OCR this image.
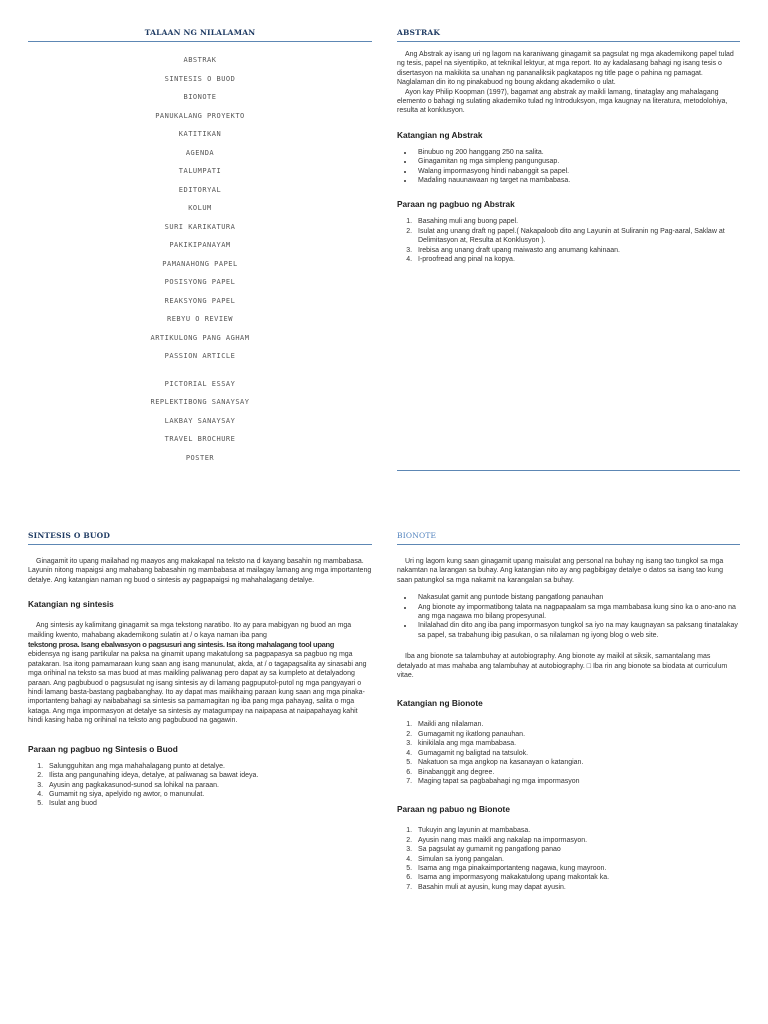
TALAAN NG NILALAMAN
ABSTRAK
SINTESIS O BUOD
BIONOTE
PANUKALANG PROYEKTO
KATITIKAN
AGENDA
TALUMPATI
EDITORYAL
KOLUM
SURI KARIKATURA
PAKIKIPANAYAM
PAMANAHONG PAPEL
POSISYONG PAPEL
REAKSYONG PAPEL
REBYU O REVIEW
ARTIKULONG PANG AGHAM
PASSION ARTICLE
PICTORIAL ESSAY
REPLEKTIBONG SANAYSAY
LAKBAY SANAYSAY
TRAVEL BROCHURE
POSTER
ABSTRAK

Ang Abstrak ay isang uri ng lagom na karaniwang ginagamit sa pagsulat ng mga akademikong papel tulad ng tesis, papel na siyentipiko, at teknikal lektyur, at mga report. Ito ay kadalasang bahagi ng isang tesis o disertasyon na makikita sa unahan ng pananaliksik pagkatapos ng title page o pahina ng pamagat. Naglalaman din ito ng pinakabuod ng boung akdang akademiko o ulat.

Ayon kay Philip Koopman (1997), bagamat ang abstrak ay maikli lamang, tinataglay ang mahalagang elemento o bahagi ng sulating akademiko tulad ng Introduksyon, mga kaugnay na literatura, metodolohiya, resulta at konklusyon.

Katangian ng Abstrak

• Binubuo ng 200 hanggang 250 na salita.
• Ginagamitan ng mga simpleng pangungusap.
• Walang impormasyong hindi nabanggit sa papel.
• Madaling nauunawaan ng target na mambabasa.

Paraan ng pagbuo ng Abstrak

1. Basahing muli ang buong papel.
2. Isulat ang unang draft ng papel.( Nakapaloob dito ang Layunin at Suliranin ng Pag-aaral, Saklaw at Delimitasyon at, Resulta at Konklusyon ).
3. Irebisa ang unang draft upang maiwasto ang anumang kahinaan.
4. I-proofread ang pinal na kopya.
SINTESIS O BUOD

Ginagamit ito upang mailahad ng maayos ang makakapal na teksto na d kayang basahin ng mambabasa. Layunin nitong mapaigsi ang mahabang babasahin ng mambabasa at mailagay lamang ang mga importanteng detalye. Ang katangian naman ng buod o sintesis ay pagpapaigsi ng mahahalagang detalye.

Katangian ng sintesis

Ang sintesis ay kalimitang ginagamit sa mga tekstong naratibo. Ito ay para mabigyan ng buod an mga maikling kwento, mahabang akademikong sulatin at / o kaya naman iba pang
tekstong prosa. Isang ebalwasyon o pagsusuri ang sintesis. Isa itong mahalagang tool upang
ebidensya ng isang partikular na paksa na ginamit upang makatulong sa pagpapasya sa pagbuo ng mga patakaran. Isa itong pamamaraan kung saan ang isang manunulat, akda, at / o tagapagsalita ay sinasabi ang mga orihinal na teksto sa mas buod at mas maikling paliwanag pero dapat ay sa kumpleto at detalyadong paraan. Ang pagbubuod o pagsusulat ng isang sintesis ay di lamang pagpuputol-putol ng mga pangyayari o hindi lamang basta-bastang pagbabanghay. Ito ay dapat mas maiikhaing paraan kung saan ang mga pinaka-importanteng bahagi ay naibabahagi sa sintesis sa pamamagitan ng iba pang mga pahayag, salita o mga kataga. Ang mga impormasyon at detalye sa sintesis ay matagumpay na naipapasa at naipapahayag kahit hindi kasing haba ng orihinal na teksto ang pagbubuod na gagawin.

Paraan ng pagbuo ng Sintesis o Buod

1. Salungguhitan ang mga mahahalagang punto at detalye.
2. Ilista ang pangunahing ideya, detalye, at paliwanag sa bawat ideya.
3. Ayusin ang pagkakasunod-sunod sa lohikal na paraan.
4. Gumamit ng siya, apelyido ng awtor, o manunulat.
5. Isulat ang buod
BIONOTE

Uri ng lagom kung saan ginagamit upang maisulat ang personal na buhay ng isang tao tungkol sa mga nakamtan na larangan sa buhay. Ang katangian nito ay ang pagbibigay detalye o datos sa isang tao kung saan patungkol sa mga nakamit na karangalan sa buhay.

• Nakasulat gamit ang puntode bistang pangatlong panauhan
• Ang bionote ay impormatibong talata na nagpapaalam sa mga mambabasa kung sino ka o ano-ano na ang mga nagawa mo bilang propesyunal.
• Inilalahad din dito ang iba pang impormasyon tungkol sa iyo na may kaugnayan sa paksang tinatalakay sa papel, sa trabahung ibig pasukan, o sa nilalaman ng iyong blog o web site.

Iba ang bionote sa talambuhay at autobiography. Ang bionote ay maikil at siksik, samantalang mas detalyado at mas mahaba ang talambuhay at autobiography. □ Iba rin ang bionote sa biodata at curriculum vitae.

Katangian ng Bionote

1. Maikli ang nilalaman.
2. Gumagamit ng ikatlong panauhan.
3. kinikilala ang mga mambabasa.
4. Gumagamit ng baligtad na tatsulok.
5. Nakatuon sa mga angkop na kasanayan o katangian.
6. Binabanggit ang degree.
7. Maging tapat sa pagbabahagi ng mga impormasyon

Paraan ng pabuo ng Bionote

1. Tukuyin ang layunin at mambabasa.
2. Ayusin nang mas maikli ang nakalap na impormasyon.
3. Sa pagsulat ay gumamit ng pangatlong panao
4. Simulan sa iyong pangalan.
5. Isama ang mga pinakaimportanteng nagawa, kung mayroon.
6. Isama ang impormasyong makakatulong upang makontak ka.
7. Basahin muli at ayusin, kung may dapat ayusin.
